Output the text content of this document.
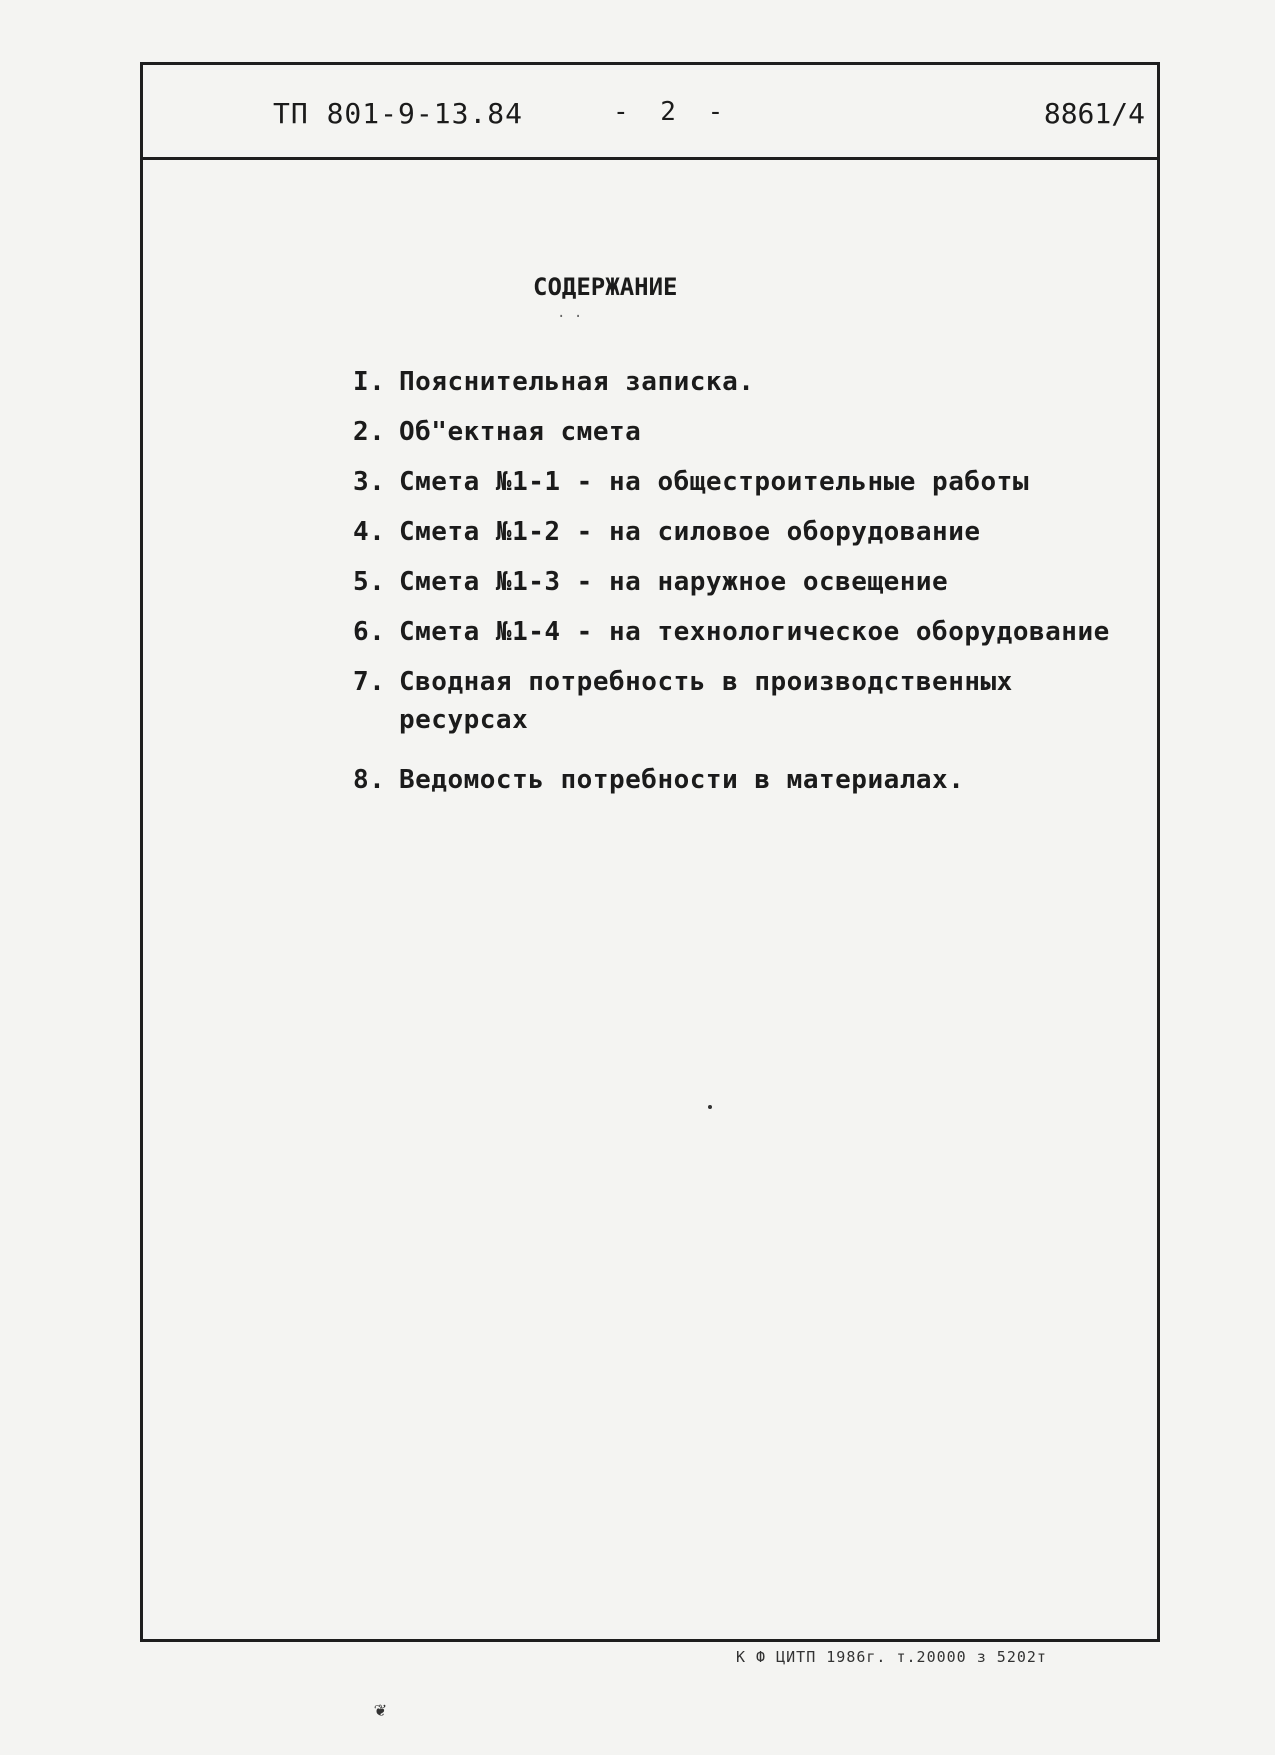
ТП 801-9-13.84	- 2 -	8861/4
СОДЕРЖАНИЕ
. .
I. Пояснительная записка.
2. Об"ектная смета
3. Смета №1-1 - на общестроительные работы
4. Смета №1-2 - на силовое оборудование
5. Смета №1-3 - на наружное освещение
6. Смета №1-4 - на технологическое оборудование
7. Сводная потребность в производственных ресурсах
8. Ведомость потребности в материалах.
К Ф ЦИТП 1986г. т.20000 з 5202т
❦
